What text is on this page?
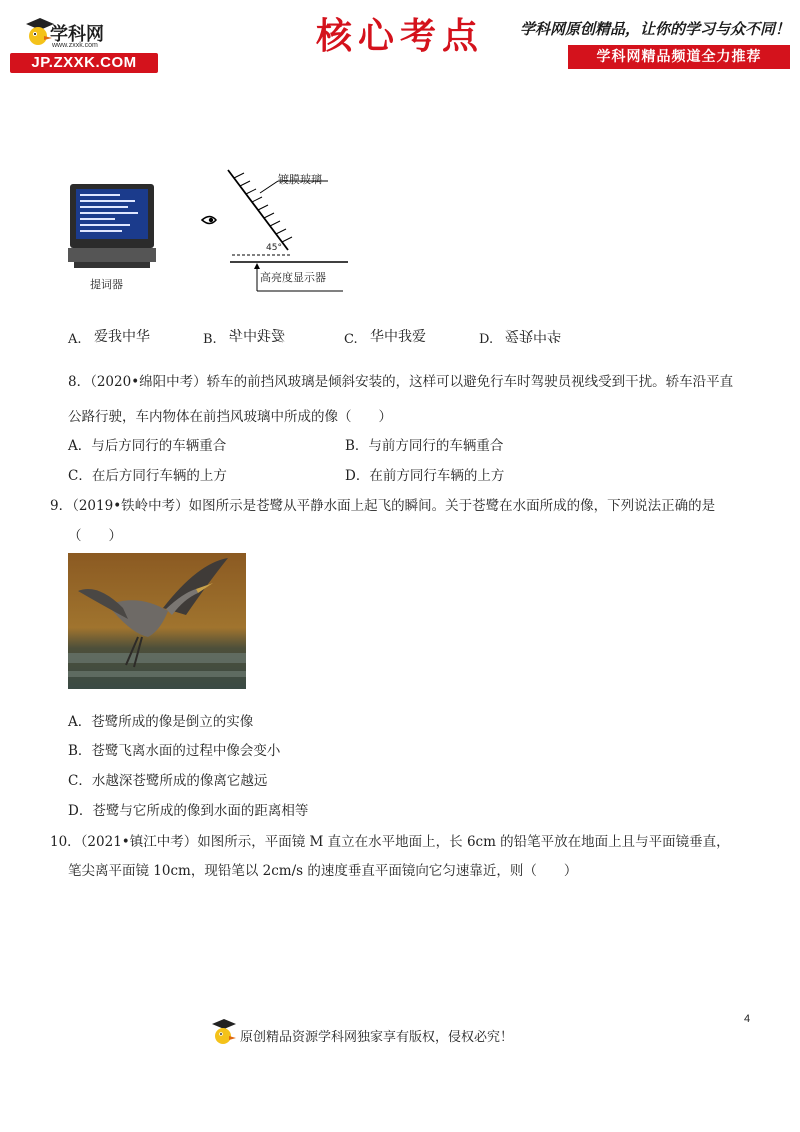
学科网
www.zxxk.com
JP.ZXXK.COM
核心考点	学科网原创精品，让你的学习与众不同！
学科网精品频道全力推荐
提词器
镀膜玻璃
45°
高亮度显示器
A. 爱我中华	B. 爱我中华	C. 华中我爱	D. 爱我中华
8．（2020•绵阳中考）轿车的前挡风玻璃是倾斜安装的，这样可以避免行车时驾驶员视线受到干扰。轿车沿平直
公路行驶，车内物体在前挡风玻璃中所成的像（　　）
A．与后方同行的车辆重合	B．与前方同行的车辆重合
C．在后方同行车辆的上方	D．在前方同行车辆的上方
9．（2019•铁岭中考）如图所示是苍鹭从平静水面上起飞的瞬间。关于苍鹭在水面所成的像，下列说法正确的是
（　　）
A．苍鹭所成的像是倒立的实像
B．苍鹭飞离水面的过程中像会变小
C．水越深苍鹭所成的像离它越远
D．苍鹭与它所成的像到水面的距离相等
10．（2021•镇江中考）如图所示，平面镜 M 直立在水平地面上，长 6cm 的铅笔平放在地面上且与平面镜垂直，
笔尖离平面镜 10cm，现铅笔以 2cm/s 的速度垂直平面镜向它匀速靠近，则（　　）
4
原创精品资源学科网独家享有版权，侵权必究！
